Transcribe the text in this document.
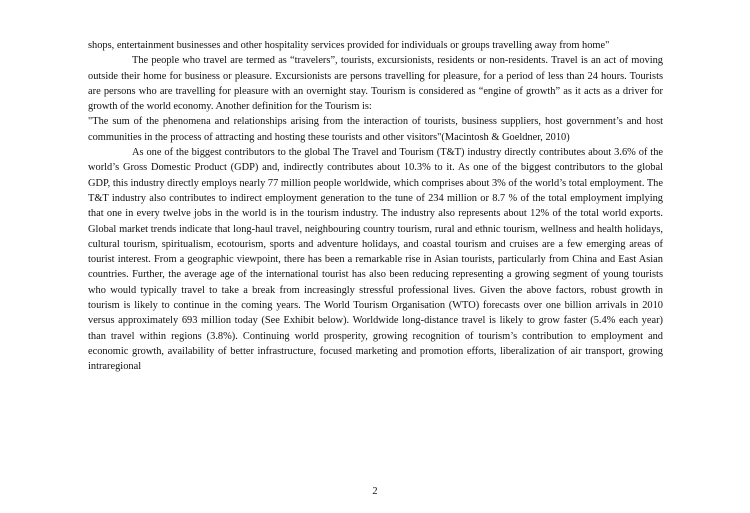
shops, entertainment businesses and other hospitality services provided for individuals or groups travelling away from home"

The people who travel are termed as “travelers”, tourists, excursionists, residents or non-residents. Travel is an act of moving outside their home for business or pleasure. Excursionists are persons travelling for pleasure, for a period of less than 24 hours. Tourists are persons who are travelling for pleasure with an overnight stay. Tourism is considered as “engine of growth” as it acts as a driver for growth of the world economy. Another definition for the Tourism is:

"The sum of the phenomena and relationships arising from the interaction of tourists, business suppliers, host government’s and host communities in the process of attracting and hosting these tourists and other visitors"(Macintosh & Goeldner, 2010)

As one of the biggest contributors to the global The Travel and Tourism (T&T) industry directly contributes about 3.6% of the world’s Gross Domestic Product (GDP) and, indirectly contributes about 10.3% to it. As one of the biggest contributors to the global GDP, this industry directly employs nearly 77 million people worldwide, which comprises about 3% of the world’s total employment. The T&T industry also contributes to indirect employment generation to the tune of 234 million or 8.7 % of the total employment implying that one in every twelve jobs in the world is in the tourism industry. The industry also represents about 12% of the total world exports. Global market trends indicate that long-haul travel, neighbouring country tourism, rural and ethnic tourism, wellness and health holidays, cultural tourism, spiritualism, ecotourism, sports and adventure holidays, and coastal tourism and cruises are a few emerging areas of tourist interest. From a geographic viewpoint, there has been a remarkable rise in Asian tourists, particularly from China and East Asian countries. Further, the average age of the international tourist has also been reducing representing a growing segment of young tourists who would typically travel to take a break from increasingly stressful professional lives. Given the above factors, robust growth in tourism is likely to continue in the coming years. The World Tourism Organisation (WTO) forecasts over one billion arrivals in 2010 versus approximately 693 million today (See Exhibit below). Worldwide long-distance travel is likely to grow faster (5.4% each year) than travel within regions (3.8%). Continuing world prosperity, growing recognition of tourism’s contribution to employment and economic growth, availability of better infrastructure, focused marketing and promotion efforts, liberalization of air transport, growing intraregional

2
